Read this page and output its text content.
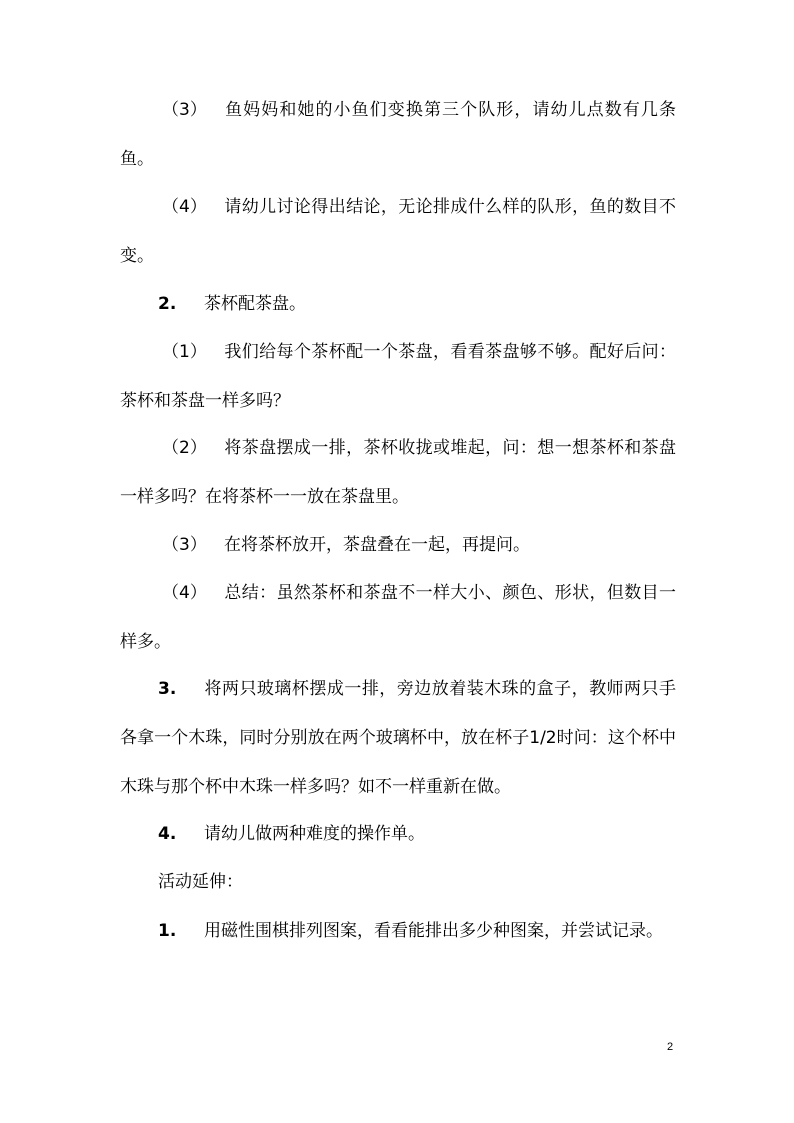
（3） 鱼妈妈和她的小鱼们变换第三个队形，请幼儿点数有几条鱼。
（4） 请幼儿讨论得出结论，无论排成什么样的队形，鱼的数目不变。
2. 茶杯配茶盘。
（1） 我们给每个茶杯配一个茶盘，看看茶盘够不够。配好后问：茶杯和茶盘一样多吗？
（2） 将茶盘摆成一排，茶杯收拢或堆起，问：想一想茶杯和茶盘一样多吗？在将茶杯一一放在茶盘里。
（3） 在将茶杯放开，茶盘叠在一起，再提问。
（4） 总结：虽然茶杯和茶盘不一样大小、颜色、形状，但数目一样多。
3. 将两只玻璃杯摆成一排，旁边放着装木珠的盒子，教师两只手各拿一个木珠，同时分别放在两个玻璃杯中，放在杯子1/2时问：这个杯中木珠与那个杯中木珠一样多吗？如不一样重新在做。
4. 请幼儿做两种难度的操作单。
活动延伸：
1. 用磁性围棋排列图案，看看能排出多少种图案，并尝试记录。
2
